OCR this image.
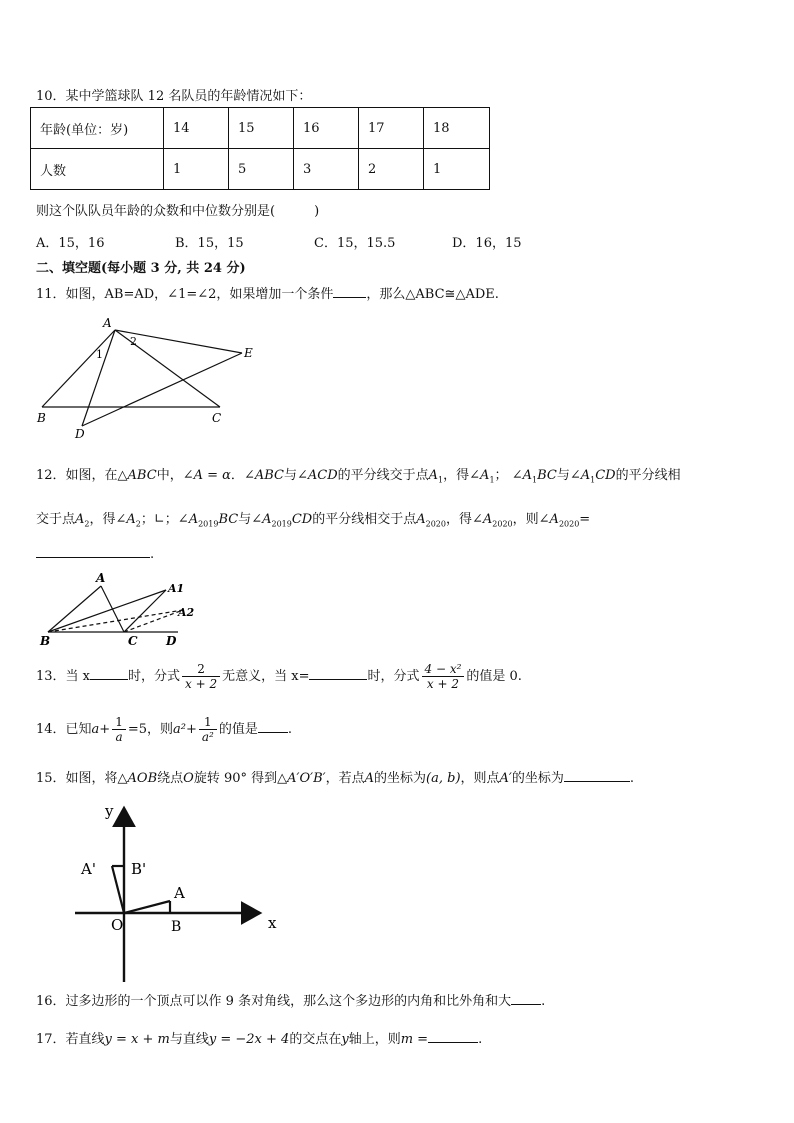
10．某中学篮球队 12 名队员的年龄情况如下：
年龄(单位：岁)	14	15	16	17	18
人数	1	5	3	2	1
则这个队队员年龄的众数和中位数分别是(　　　)
A．15，16	B．15，15	C．15，15.5	D．16，15
二、填空题(每小题 3 分, 共 24 分)
11．如图，AB=AD，∠1=∠2，如果增加一个条件	，那么△ABC≅△ADE.
A
1
2
E
B	C
D
12．如图，在△ABC中，∠A = α．∠ABC与∠ACD的平分线交于点$A_1$，得$\angle A_1$； $\angle A_1BC$与$\angle A_1CD$的平分线相
交于点$A_2$，得$\angle A_2$；∟；$\angle A_{2019}BC$与$\angle A_{2019}CD$的平分线相交于点$A_{2020}$，得$\angle A_{2020}$，则$\angle A_{2020}=$
.
A
A1
A2
B	C D
13．当 x	时，分式 $\frac{2}{x + 2}$ 无意义，当 x=	时，分式 $\frac{\text{4 − x²}}{x + 2}$ 的值是 0.
14．已知$a+ \frac{1}{a} =5$，则$a^2+ \frac{1}{\text{a²}}$ 的值是 .
15．如图，将△AOB绕点O旋转 90° 得到△A′O′B′，若点A的坐标为(a, b)，则点A′的坐标为	.
y
x
O
A
B
A' B'
16．过多边形的一个顶点可以作 9 条对角线，那么这个多边形的内角和比外角和大 .
17．若直线y = x + m与直线y = −2x + 4的交点在y轴上，则m =	.
